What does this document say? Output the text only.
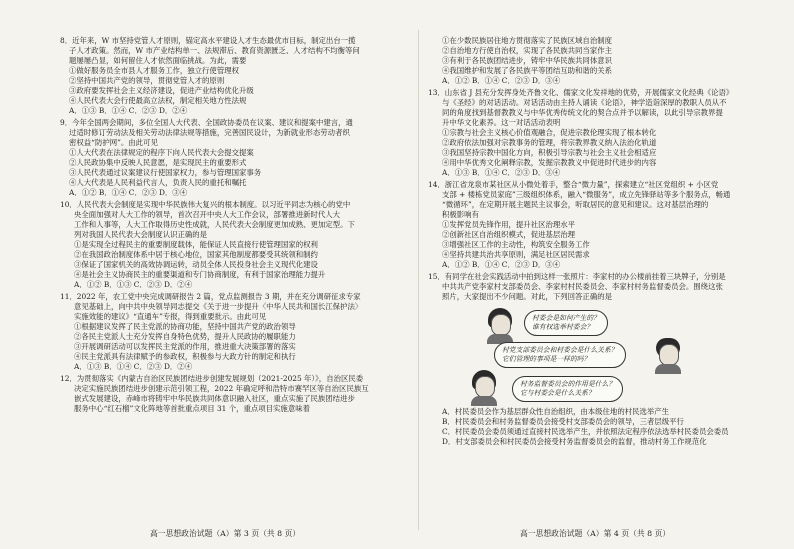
8．近年来，W 市坚持党管人才原则，锚定高水平建设人才生态最优市目标，制定出台一揽
子人才政策。然而，W 市产业结构单一、法规滞后、教育资源匮乏、人才结构不均衡等问
题屡屡凸显，如何留住人才依然面临挑战。为此，需要
①做好服务员全市县人才服务工作，独立行使管理权
②坚持中国共产党的领导，贯彻党管人才的原则
③政府要发挥社会主义经济建设，促进产业结构优化升级
④人民代表大会行使最高立法权，制定相关地方性法规
A．①③ B．①④ C．②③ D．②④
9．今年全国两会期间，多位全国人大代表、全国政协委员在议案、建议和提案中建言，通
过适时修订劳动法及相关劳动法律法规等措施，完善国民设计，为新就业形态劳动者织
密权益“防护网”。由此可见
①人大代表在法律规定的程序下向人民代表大会提交提案
②人民政协集中反映人民意愿，是实现民主的重要形式
③人民代表通过议案建议行使国家权力，参与管理国家事务
④人大代表是人民利益代言人，负责人民的重托和嘱托
A．①② B．①④ C．②③ D．③④
10．人民代表大会制度是实现中华民族伟大复兴的根本制度。以习近平同志为核心的党中
央全面加强对人大工作的领导，首次召开中央人大工作会议，部署推进新时代人大
工作和人事等，人大工作取得历史性成就，人民代表大会制度更加成熟、更加定型。下
列对我国人民代表大会制度认识正确的是
①是实现全过程民主的重要制度载体，能保证人民直接行使管理国家的权利
②在我国政治制度体系中居于核心地位，国家其他制度都要受其统领和制约
③保证了国家机关的高效协调运转，动员全体人民投身社会主义现代化建设
④是社会主义协商民主的重要渠道和专门协商制度，有利于国家治理能力提升
A．①② B．①③ C．②③ D．②④
11．2022 年，农工党中央完成调研报告 2 篇，党点监测报告 3 期，并在充分调研征求专家
意见基础上，向中共中央领导同志提交《关于进一步提升〈中华人民共和国长江保护法〉
实施效能的建议》“直通车”专报，得到重要批示。由此可见
①根据建议发挥了民主党派的协商功能，坚持中国共产党的政治领导
②各民主党派人士充分发挥自身特色优势，提升人民政协的履职能力
③开展调研活动可以发挥民主党派的作用，推进重大决策部署的落实
④民主党派具有法律赋予的参政权，积极参与大政方针的制定和执行
A．①③ B．①④ C．②③ D．②④
12．为贯彻落实《内蒙古自治区民族团结进步创建发展规划（2021-2025 年）》，自治区民委
决定实施民族团结进步创建示范引领工程，2022 年确定呼和浩特市赛罕区等自治区民族互
嵌式发展建设，赤峰市将铸牢中华民族共同体意识融入社区，重点实施了民族团结进步
服务中心“红石榴”文化阵地等首批重点项目 31 个，重点项目实施意味着
①在少数民族居住地方贯彻落实了民族区域自治制度
②自治地方行使自治权，实现了各民族共同当家作主
③有利于各民族团结进步，铸牢中华民族共同体意识
④我国维护和发展了各民族平等团结互助和谐的关系
A．①② B．①④ C．②③ D．③④
13．山东省 J 县充分发挥身处齐鲁文化、儒家文化发祥地的优势，开展儒家文化经典《论语》
与《圣经》的对话活动。对话活动由主持人诵读《论语》，神学造诣深厚的教职人员从不
同的角度找到基督教教义与中华优秀传统文化的契合点并予以解读，以此引导宗教界提
升中华文化素养。这一对话活动表明
①宗教与社会主义核心价值观融合，促进宗教伦理实现了根本转化
②政府依法加强对宗教事务的管理，将宗教界教义纳入法治化轨道
③我国坚持宗教中国化方向，积极引导宗教与社会主义社会相适应
④用中华优秀文化阐释宗教，发掘宗教教义中促进时代进步的内容
A．①③ B．①④ C．②③ D．③④
14．浙江省龙泉市某社区从小微处着手，整合“微力量”，探索建立“社区党组织 + 小区党
支部 + 楼栋党员家庭”三级组织体系，融入“微服务”，成立先锋驿站等多个服务点，畅通
“微循环”，在定期开展主题民主议事会，听取居民的意见和建议。这对基层治理的
积极影响有
①发挥党员先锋作用，提升社区治理水平
②创新社区自治组织模式，促进基层治理
③增强社区工作的主动性，构筑安全服务工作
④坚持共建共治共享原则，满足社区居民需求
A．①② B．①④ C．②③ D．③④
15．有同学在社会实践活动中拍到这样一张照片：李家村的办公楼前挂着三块牌子，分别是
中共共产党李家村支部委员会、李家村村民委员会、李家村村务监督委员会。围绕这张
照片，大家提出不少问题。对此，下列回答正确的是
村委会是如何产生的？
谁有权选举村委会？
村党支部委员会和村委会是什么关系？
它们管理的事项是一样的吗？
村务监督委员会的作用是什么？
它与村委会是什么关系？
A．村民委员会作为基层群众性自治组织，由本级住地的村民选举产生
B．村民委员会和村务监督委员会接受村支部委员会的领导，三者层级平行
C．村民委员会委员须通过直接村民选举产生，并依照法定程序依法选举村民委员会委员
D．村支部委员会和村民委员会接受村务监督委员会的监督，推动村务工作规范化
高一思想政治试题（A）第 3 页（共 8 页）	高一思想政治试题（A）第 4 页（共 8 页）
